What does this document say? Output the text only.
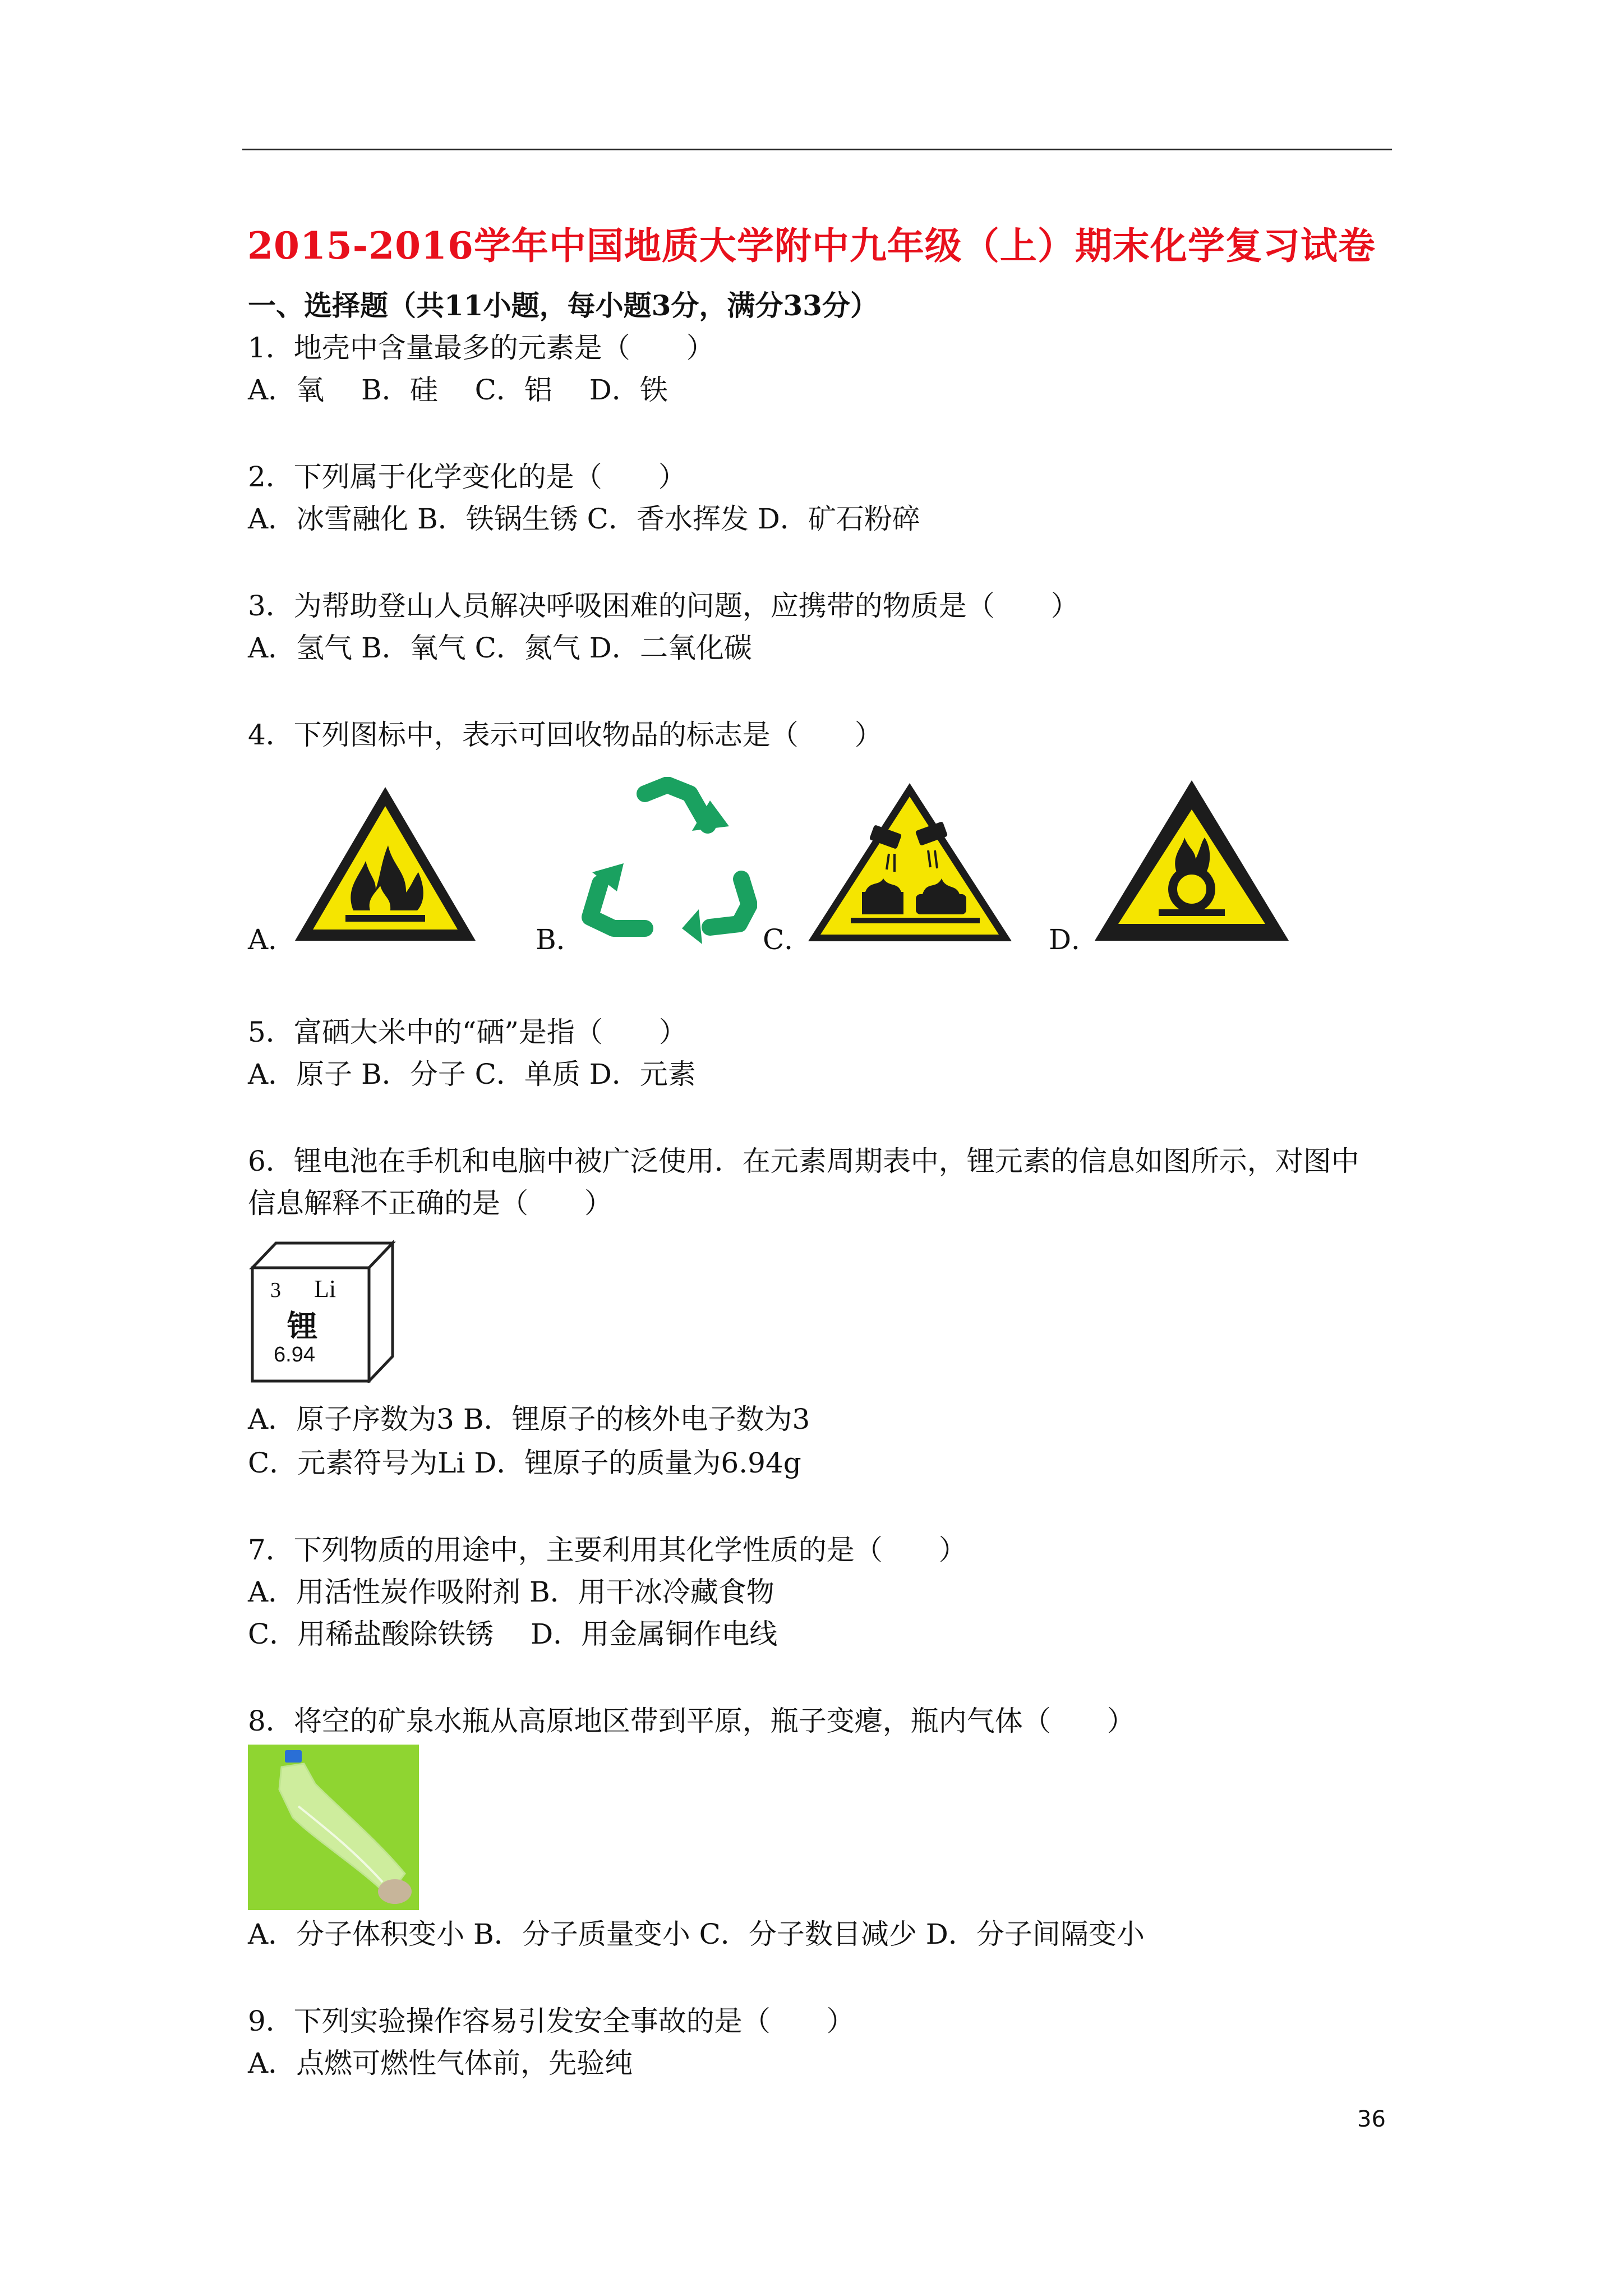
2015-2016学年中国地质大学附中九年级（上）期末化学复习试卷
一、选择题（共11小题，每小题3分，满分33分）
1．地壳中含量最多的元素是（　　）
A．氧　 B．硅　 C．铝　 D．铁
2．下列属于化学变化的是（　　）
A．冰雪融化 B．铁锅生锈 C．香水挥发 D．矿石粉碎
3．为帮助登山人员解决呼吸困难的问题，应携带的物质是（　　）
A．氢气 B．氧气 C．氮气 D．二氧化碳
4．下列图标中，表示可回收物品的标志是（　　）
A．	B．	C．	D．
5．富硒大米中的“硒”是指（　　）
A．原子 B．分子 C．单质 D．元素
6．锂电池在手机和电脑中被广泛使用．在元素周期表中，锂元素的信息如图所示，对图中
信息解释不正确的是（　　）
3 Li
锂
6.94
A．原子序数为3 B．锂原子的核外电子数为3
C．元素符号为Li D．锂原子的质量为6.94g
7．下列物质的用途中，主要利用其化学性质的是（　　）
A．用活性炭作吸附剂 B．用干冰冷藏食物
C．用稀盐酸除铁锈　 D．用金属铜作电线
8．将空的矿泉水瓶从高原地区带到平原，瓶子变瘪，瓶内气体（　　）
A．分子体积变小 B．分子质量变小 C．分子数目减少 D．分子间隔变小
9．下列实验操作容易引发安全事故的是（　　）
A．点燃可燃性气体前，先验纯
36
